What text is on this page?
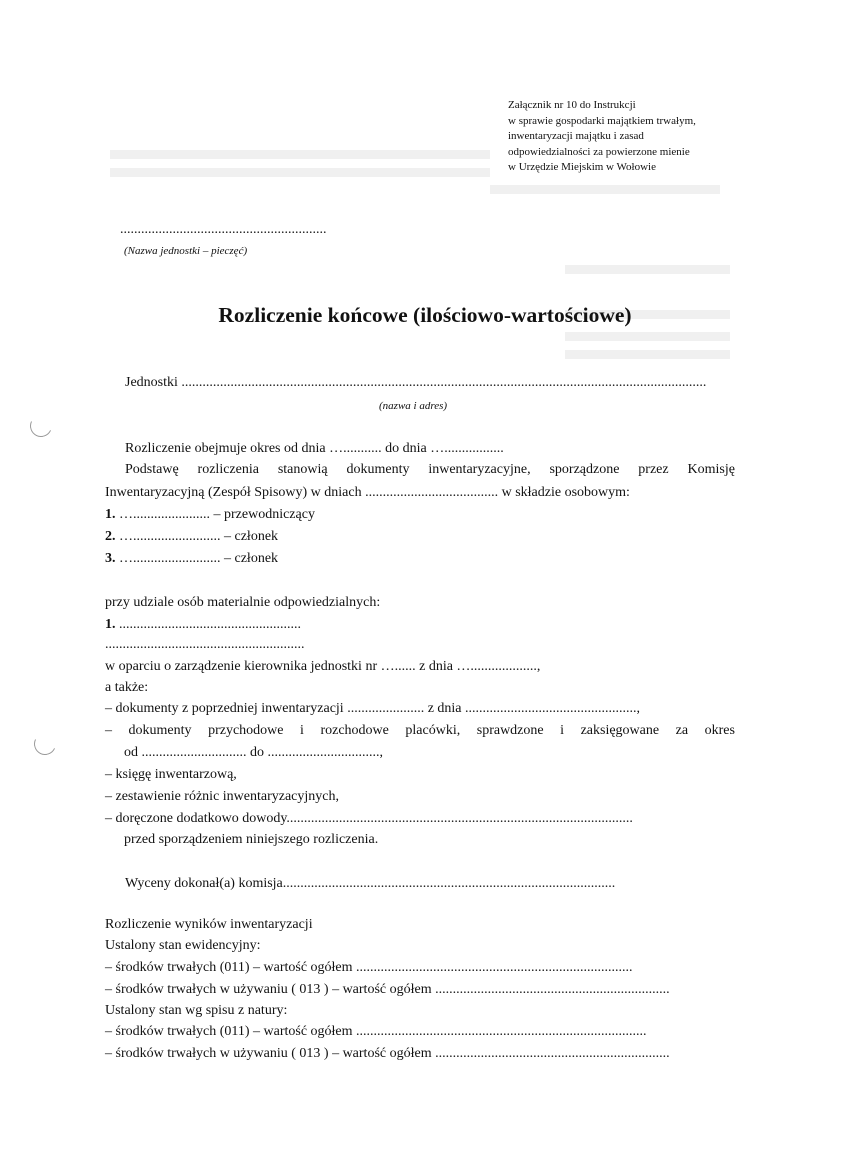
Załącznik nr 10 do Instrukcji
w sprawie gospodarki majątkiem trwałym,
inwentaryzacji majątku i zasad
odpowiedzialności za powierzone mienie
w Urzędzie Miejskim w Wołowie
...........................................................
(Nazwa jednostki – pieczęć)
Rozliczenie końcowe (ilościowo-wartościowe)
Jednostki ......................................................................................................................................................
(nazwa i adres)
Rozliczenie obejmuje okres od dnia …........... do dnia ….................
Podstawę rozliczenia stanowią dokumenty inwentaryzacyjne, sporządzone przez Komisję
Inwentaryzacyjną (Zespół Spisowy) w dniach ...................................... w składzie osobowym:
1. …...................... – przewodniczący
2. …......................... – członek
3. …......................... – członek
przy udziale osób materialnie odpowiedzialnych:
1. ....................................................
.........................................................
w oparciu o zarządzenie kierownika jednostki nr …...... z dnia …...................,
a także:
– dokumenty z poprzedniej inwentaryzacji ...................... z dnia .................................................,
– dokumenty przychodowe i rozchodowe placówki, sprawdzone i zaksięgowane za okres
od .............................. do ................................,
– księgę inwentarzową,
– zestawienie różnic inwentaryzacyjnych,
– doręczone dodatkowo dowody...................................................................................................
przed sporządzeniem niniejszego rozliczenia.
Wyceny dokonał(a) komisja...............................................................................................
Rozliczenie wyników inwentaryzacji
Ustalony stan ewidencyjny:
– środków trwałych (011) – wartość ogółem ...............................................................................
– środków trwałych w używaniu ( 013 ) – wartość ogółem ...................................................................
Ustalony stan wg spisu z natury:
– środków trwałych (011) – wartość ogółem ...................................................................................
– środków trwałych w używaniu ( 013 ) – wartość ogółem ...................................................................
